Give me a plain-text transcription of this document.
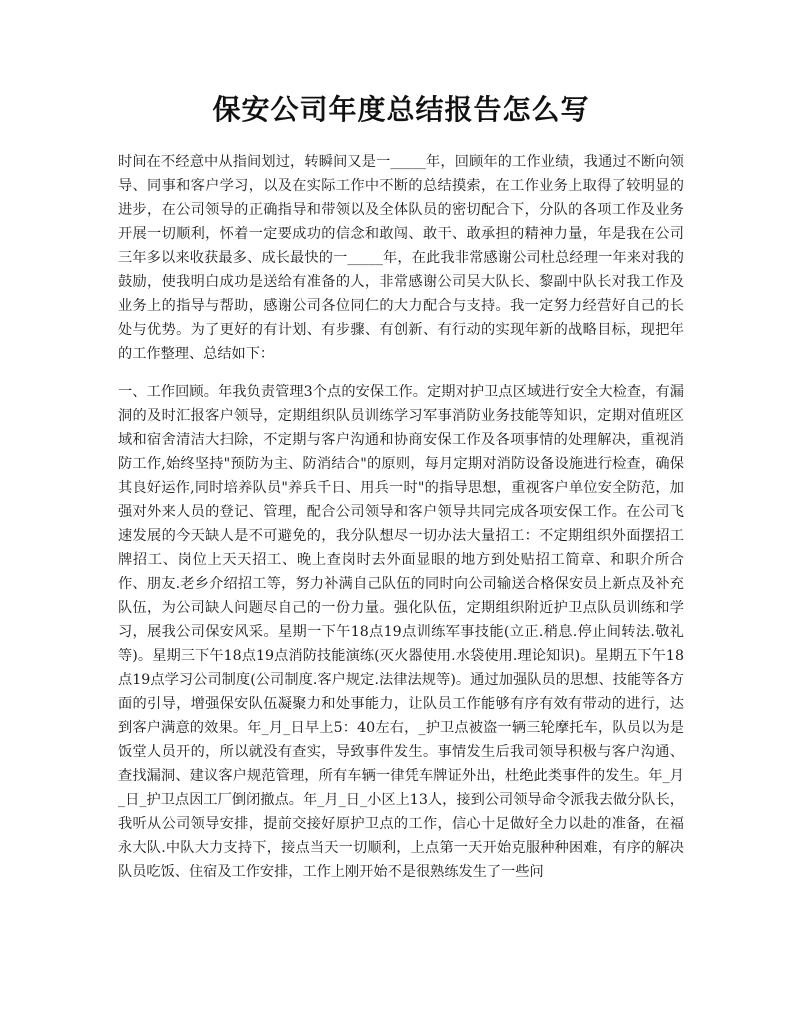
保安公司年度总结报告怎么写

时间在不经意中从指间划过，转瞬间又是一_____年，回顾年的工作业绩，我通过不断向领导、同事和客户学习，以及在实际工作中不断的总结摸索，在工作业务上取得了较明显的进步，在公司领导的正确指导和带领以及全体队员的密切配合下，分队的各项工作及业务开展一切顺利，怀着一定要成功的信念和敢闯、敢干、敢承担的精神力量，年是我在公司三年多以来收获最多、成长最快的一_____年，在此我非常感谢公司杜总经理一年来对我的鼓励，使我明白成功是送给有准备的人，非常感谢公司吴大队长、黎副中队长对我工作及业务上的指导与帮助，感谢公司各位同仁的大力配合与支持。我一定努力经营好自己的长处与优势。为了更好的有计划、有步骤、有创新、有行动的实现年新的战略目标，现把年的工作整理、总结如下：

一、工作回顾。年我负责管理3个点的安保工作。定期对护卫点区域进行安全大检查，有漏洞的及时汇报客户领导，定期组织队员训练学习军事消防业务技能等知识，定期对值班区域和宿舍清洁大扫除，不定期与客户沟通和协商安保工作及各项事情的处理解决，重视消防工作,始终坚持"预防为主、防消结合"的原则，每月定期对消防设备设施进行检查，确保其良好运作,同时培养队员"养兵千日、用兵一时"的指导思想，重视客户单位安全防范，加强对外来人员的登记、管理，配合公司领导和客户领导共同完成各项安保工作。在公司飞速发展的今天缺人是不可避免的，我分队想尽一切办法大量招工：不定期组织外面摆招工牌招工、岗位上天天招工、晚上查岗时去外面显眼的地方到处贴招工简章、和职介所合作、朋友.老乡介绍招工等，努力补满自己队伍的同时向公司输送合格保安员上新点及补充队伍，为公司缺人问题尽自己的一份力量。强化队伍，定期组织附近护卫点队员训练和学习，展我公司保安风采。星期一下午18点19点训练军事技能(立正.稍息.停止间转法.敬礼等)。星期三下午18点19点消防技能演练(灭火器使用.水袋使用.理论知识)。星期五下午18点19点学习公司制度(公司制度.客户规定.法律法规等)。通过加强队员的思想、技能等各方面的引导，增强保安队伍凝聚力和处事能力，让队员工作能够有序有效有带动的进行，达到客户满意的效果。年_月_日早上5：40左右，_护卫点被盗一辆三轮摩托车，队员以为是饭堂人员开的，所以就没有查实，导致事件发生。事情发生后我司领导积极与客户沟通、查找漏洞、建议客户规范管理，所有车辆一律凭车牌证外出，杜绝此类事件的发生。年_月_日_护卫点因工厂倒闭撤点。年_月_日_小区上13人，接到公司领导命令派我去做分队长，我听从公司领导安排，提前交接好原护卫点的工作，信心十足做好全力以赴的准备，在福永大队.中队大力支持下，接点当天一切顺利，上点第一天开始克服种种困难，有序的解决队员吃饭、住宿及工作安排，工作上刚开始不是很熟练发生了一些问
